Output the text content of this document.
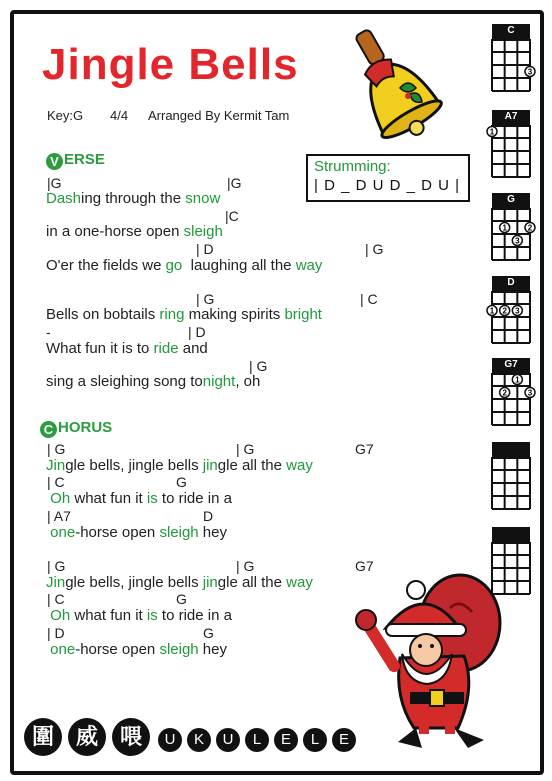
Jingle Bells
Key:G 4/4 Arranged By Kermit Tam
Strumming:
| D _ D U D _ D U |
V ERSE
|G	|G
Dashing through the snow
|C
in a one-horse open sleigh
| D	| G
O'er the fields we go  laughing all the way
| G	| C
Bells on bobtails ring making spirits bright
-	| D
What fun it is to ride and
| G
sing a sleighing song tonight, oh
C HORUS
| G	| G	G7
Jingle bells, jingle bells jingle all the way
| C	G
Oh what fun it is to ride in a
| A7	D
one-horse open sleigh hey
| G	| G	G7
Jingle bells, jingle bells jingle all the way
| C	G
Oh what fun it is to ride in a
| D	G
one-horse open sleigh hey
C
3
A7
1
G
1	2
3
D
1 2 3
G7
1
2	3
圍 威 喂	U	K	U	L	E	L	E
